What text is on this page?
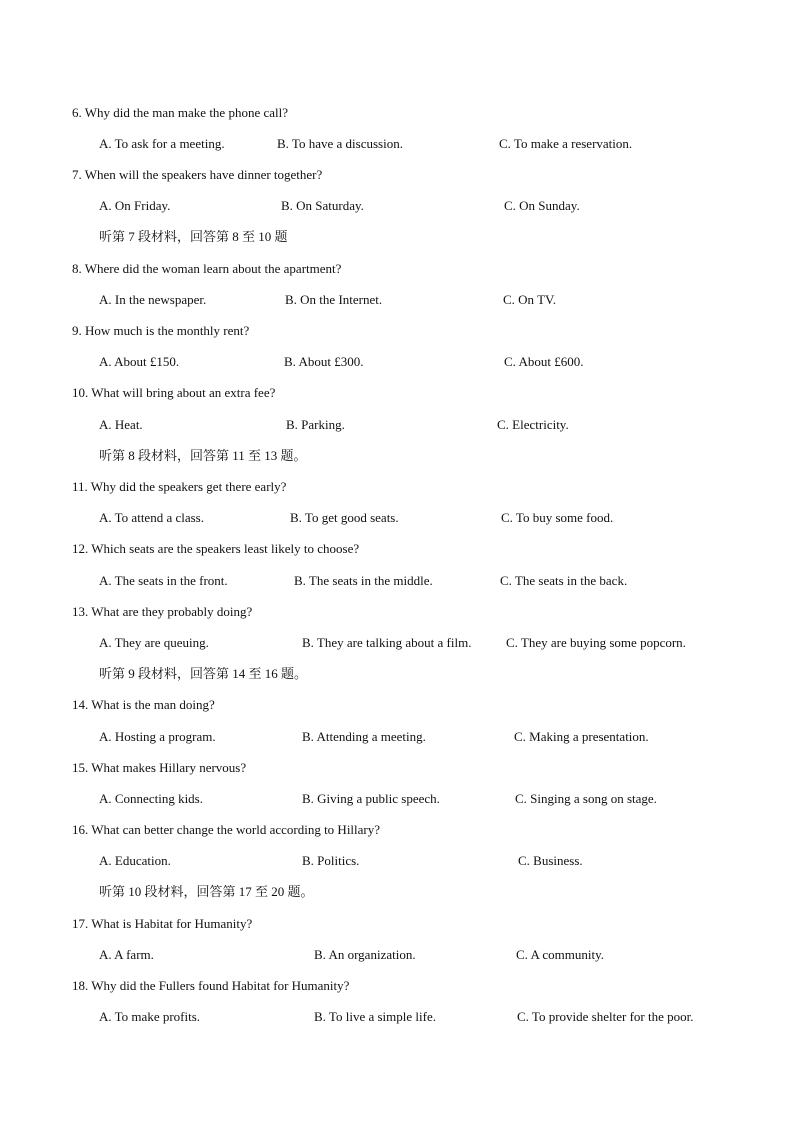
6. Why did the man make the phone call?
A. To ask for a meeting.	B. To have a discussion.	C. To make a reservation.
7. When will the speakers have dinner together?
A. On Friday.	B. On Saturday.	C. On Sunday.
听第 7 段材料，回答第 8 至 10 题
8. Where did the woman learn about the apartment?
A. In the newspaper.	B. On the Internet.	C. On TV.
9. How much is the monthly rent?
A. About £150.	B. About £300.	C. About £600.
10. What will bring about an extra fee?
A. Heat.	B. Parking.	C. Electricity.
听第 8 段材料，回答第 11 至 13 题。
11. Why did the speakers get there early?
A. To attend a class.	B. To get good seats.	C. To buy some food.
12. Which seats are the speakers least likely to choose?
A. The seats in the front.	B. The seats in the middle.	C. The seats in the back.
13. What are they probably doing?
A. They are queuing.	B. They are talking about a film.	C. They are buying some popcorn.
听第 9 段材料，回答第 14 至 16 题。
14. What is the man doing?
A. Hosting a program.	B. Attending a meeting.	C. Making a presentation.
15. What makes Hillary nervous?
A. Connecting kids.	B. Giving a public speech.	C. Singing a song on stage.
16. What can better change the world according to Hillary?
A. Education.	B. Politics.	C. Business.
听第 10 段材料，回答第 17 至 20 题。
17. What is Habitat for Humanity?
A. A farm.	B. An organization.	C. A community.
18. Why did the Fullers found Habitat for Humanity?
A. To make profits.	B. To live a simple life.	C. To provide shelter for the poor.
